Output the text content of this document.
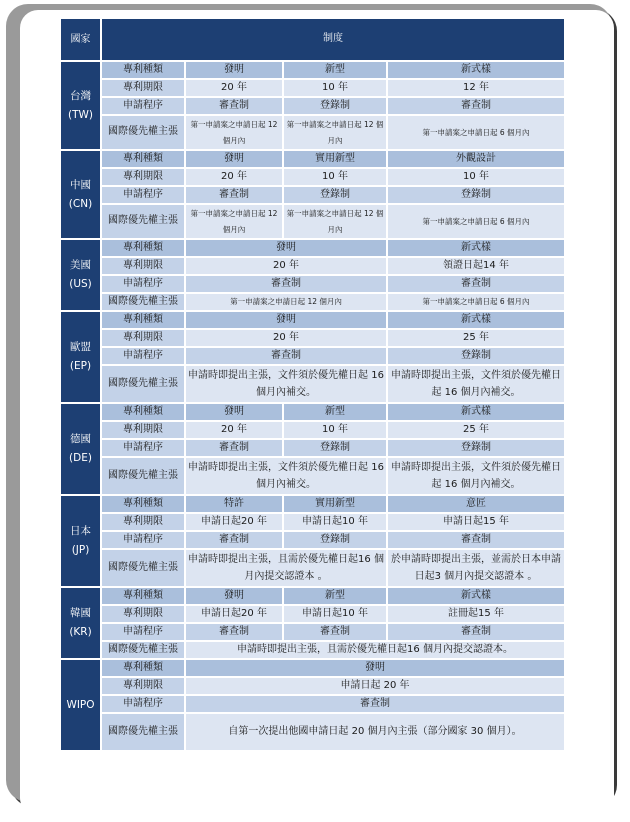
國家	制度			
台灣
(TW)	專利種類	發明	新型	新式樣
	專利期限	20 年	10 年	12 年
	申請程序	審查制	登錄制	審查制
	國際優先權主張	第一申請案之申請日起 12 個月內	第一申請案之申請日起 12 個月內	第一申請案之申請日起 6 個月內
中國
(CN)	專利種類	發明	實用新型	外觀設計
	專利期限	20 年	10 年	10 年
	申請程序	審查制	登錄制	登錄制
	國際優先權主張	第一申請案之申請日起 12 個月內	第一申請案之申請日起 12 個月內	第一申請案之申請日起 6 個月內
美國
(US)	專利種類	發明		新式樣
	專利期限	20 年		領證日起14 年
	申請程序	審查制		審查制
	國際優先權主張	第一申請案之申請日起 12 個月內		第一申請案之申請日起 6 個月內
歐盟
(EP)	專利種類	發明		新式樣
	專利期限	20 年		25 年
	申請程序	審查制		登錄制
	國際優先權主張	申請時即提出主張，文件須於優先權日起 16 個月內補交。		申請時即提出主張，文件須於優先權日起 16 個月內補交。
德國
(DE)	專利種類	發明	新型	新式樣
	專利期限	20 年	10 年	25 年
	申請程序	審查制	登錄制	登錄制
	國際優先權主張	申請時即提出主張，文件須於優先權日起 16 個月內補交。		申請時即提出主張，文件須於優先權日起 16 個月內補交。
日本
(JP)	專利種類	特許	實用新型	意匠
	專利期限	申請日起20 年	申請日起10 年	申請日起15 年
	申請程序	審查制	登錄制	審查制
	國際優先權主張	申請時即提出主張，且需於優先權日起16 個月內提交認證本 。		於申請時即提出主張，並需於日本申請日起3 個月內提交認證本 。
韓國
(KR)	專利種類	發明	新型	新式樣
	專利期限	申請日起20 年	申請日起10 年	註冊起15 年
	申請程序	審查制	審查制	審查制
	國際優先權主張	申請時即提出主張，且需於優先權日起16 個月內提交認證本。		
WIPO	專利種類	發明		
	專利期限	申請日起 20 年		
	申請程序	審查制		
	國際優先權主張	自第一次提出他國申請日起 20 個月內主張（部分國家 30 個月）。		
